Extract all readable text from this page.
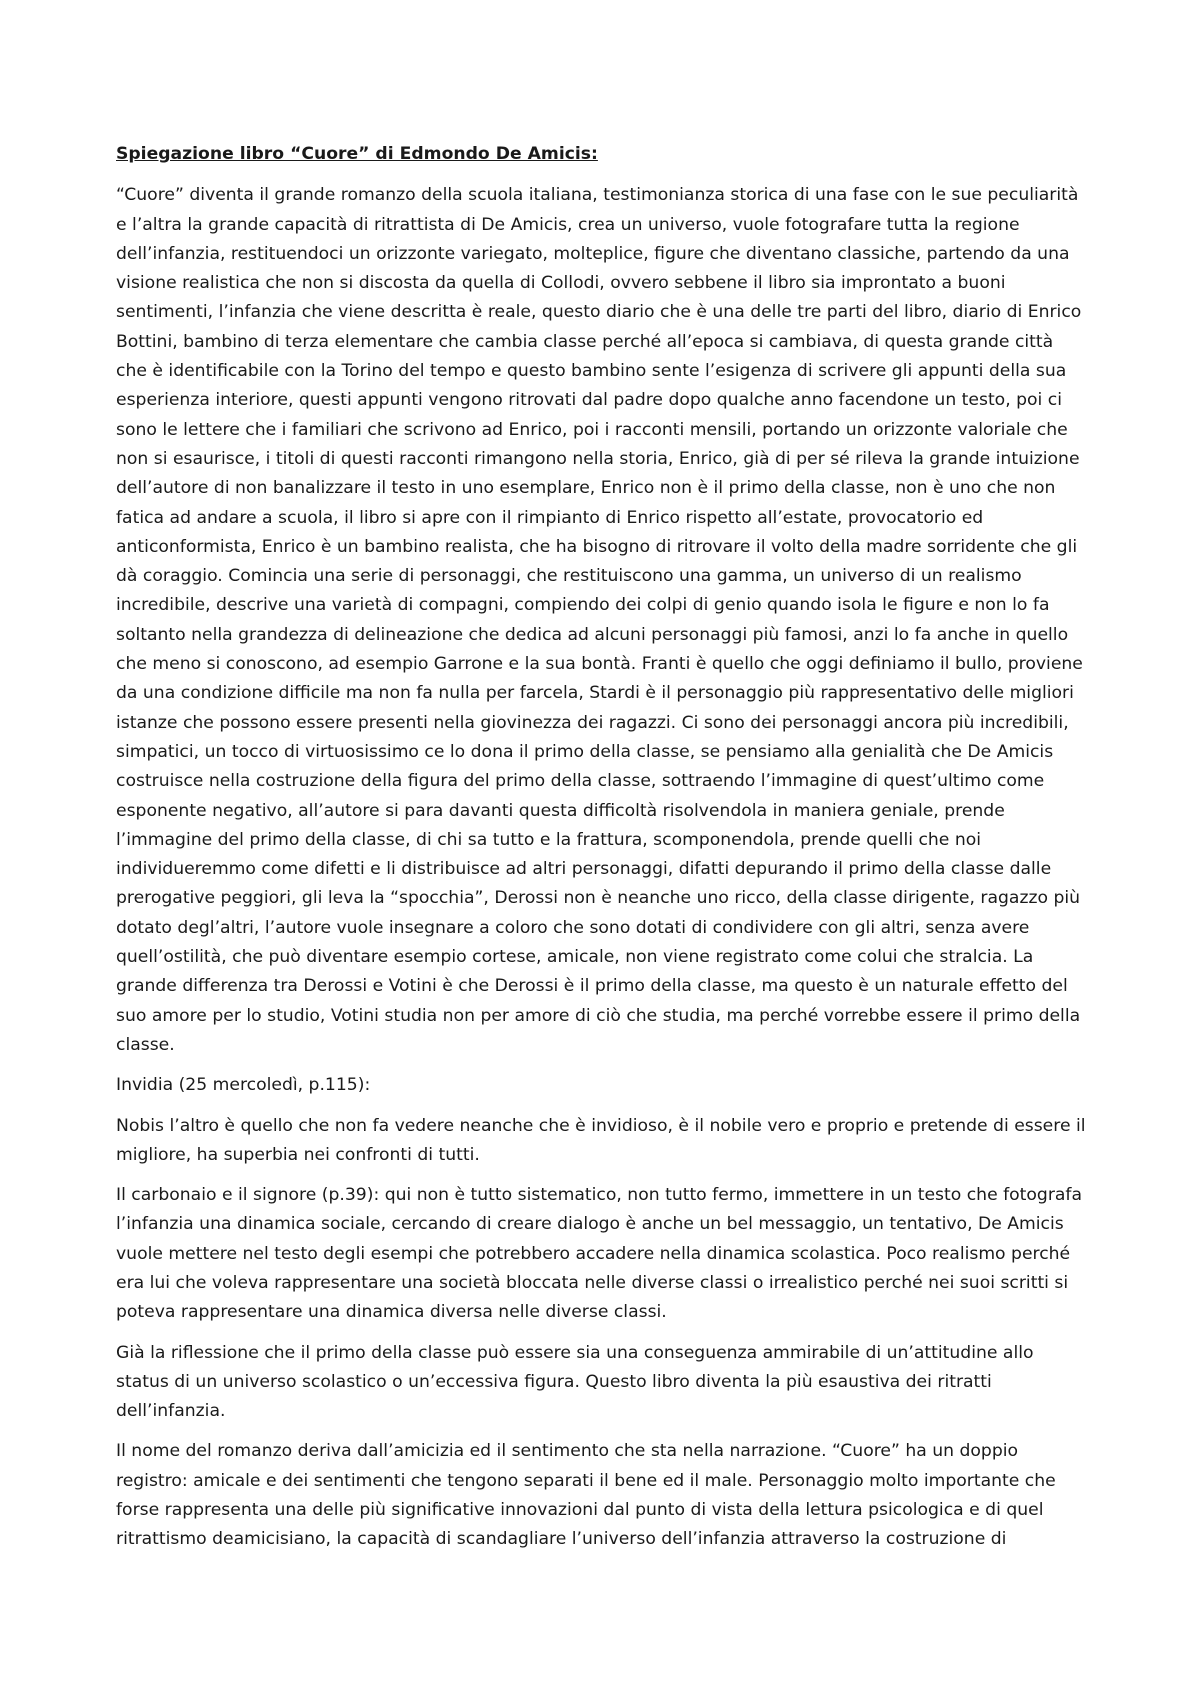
Spiegazione libro “Cuore” di Edmondo De Amicis:

“Cuore” diventa il grande romanzo della scuola italiana, testimonianza storica di una fase con le sue peculiarità e l’altra la grande capacità di ritrattista di De Amicis, crea un universo, vuole fotografare tutta la regione dell’infanzia, restituendoci un orizzonte variegato, molteplice, figure che diventano classiche, partendo da una visione realistica che non si discosta da quella di Collodi, ovvero sebbene il libro sia improntato a buoni sentimenti, l’infanzia che viene descritta è reale, questo diario che è una delle tre parti del libro, diario di Enrico Bottini, bambino di terza elementare che cambia classe perché all’epoca si cambiava, di questa grande città che è identificabile con la Torino del tempo e questo bambino sente l’esigenza di scrivere gli appunti della sua esperienza interiore, questi appunti vengono ritrovati dal padre dopo qualche anno facendone un testo, poi ci sono le lettere che i familiari che scrivono ad Enrico, poi i racconti mensili, portando un orizzonte valoriale che non si esaurisce, i titoli di questi racconti rimangono nella storia, Enrico, già di per sé rileva la grande intuizione dell’autore di non banalizzare il testo in uno esemplare, Enrico non è il primo della classe, non è uno che non fatica ad andare a scuola, il libro si apre con il rimpianto di Enrico rispetto all’estate, provocatorio ed anticonformista, Enrico è un bambino realista, che ha bisogno di ritrovare il volto della madre sorridente che gli dà coraggio. Comincia una serie di personaggi, che restituiscono una gamma, un universo di un realismo incredibile, descrive una varietà di compagni, compiendo dei colpi di genio quando isola le figure e non lo fa soltanto nella grandezza di delineazione che dedica ad alcuni personaggi più famosi, anzi lo fa anche in quello che meno si conoscono, ad esempio Garrone e la sua bontà. Franti è quello che oggi definiamo il bullo, proviene da una condizione difficile ma non fa nulla per farcela, Stardi è il personaggio più rappresentativo delle migliori istanze che possono essere presenti nella giovinezza dei ragazzi. Ci sono dei personaggi ancora più incredibili, simpatici, un tocco di virtuosissimo ce lo dona il primo della classe, se pensiamo alla genialità che De Amicis costruisce nella costruzione della figura del primo della classe, sottraendo l’immagine di quest’ultimo come esponente negativo, all’autore si para davanti questa difficoltà risolvendola in maniera geniale, prende l’immagine del primo della classe, di chi sa tutto e la frattura, scomponendola, prende quelli che noi individueremmo come difetti e li distribuisce ad altri personaggi, difatti depurando il primo della classe dalle prerogative peggiori, gli leva la “spocchia”, Derossi non è neanche uno ricco, della classe dirigente, ragazzo più dotato degl’altri, l’autore vuole insegnare a coloro che sono dotati di condividere con gli altri, senza avere quell’ostilità, che può diventare esempio cortese, amicale, non viene registrato come colui che stralcia. La grande differenza tra Derossi e Votini è che Derossi è il primo della classe, ma questo è un naturale effetto del suo amore per lo studio, Votini studia non per amore di ciò che studia, ma perché vorrebbe essere il primo della classe.

Invidia (25 mercoledì, p.115):

Nobis l’altro è quello che non fa vedere neanche che è invidioso, è il nobile vero e proprio e pretende di essere il migliore, ha superbia nei confronti di tutti.

Il carbonaio e il signore (p.39): qui non è tutto sistematico, non tutto fermo, immettere in un testo che fotografa l’infanzia una dinamica sociale, cercando di creare dialogo è anche un bel messaggio, un tentativo, De Amicis vuole mettere nel testo degli esempi che potrebbero accadere nella dinamica scolastica. Poco realismo perché era lui che voleva rappresentare una società bloccata nelle diverse classi o irrealistico perché nei suoi scritti si poteva rappresentare una dinamica diversa nelle diverse classi.

Già la riflessione che il primo della classe può essere sia una conseguenza ammirabile di un’attitudine allo status di un universo scolastico o un’eccessiva figura. Questo libro diventa la più esaustiva dei ritratti dell’infanzia.

Il nome del romanzo deriva dall’amicizia ed il sentimento che sta nella narrazione. “Cuore” ha un doppio registro: amicale e dei sentimenti che tengono separati il bene ed il male. Personaggio molto importante che forse rappresenta una delle più significative innovazioni dal punto di vista della lettura psicologica e di quel ritrattismo deamicisiano, la capacità di scandagliare l’universo dell’infanzia attraverso la costruzione di
